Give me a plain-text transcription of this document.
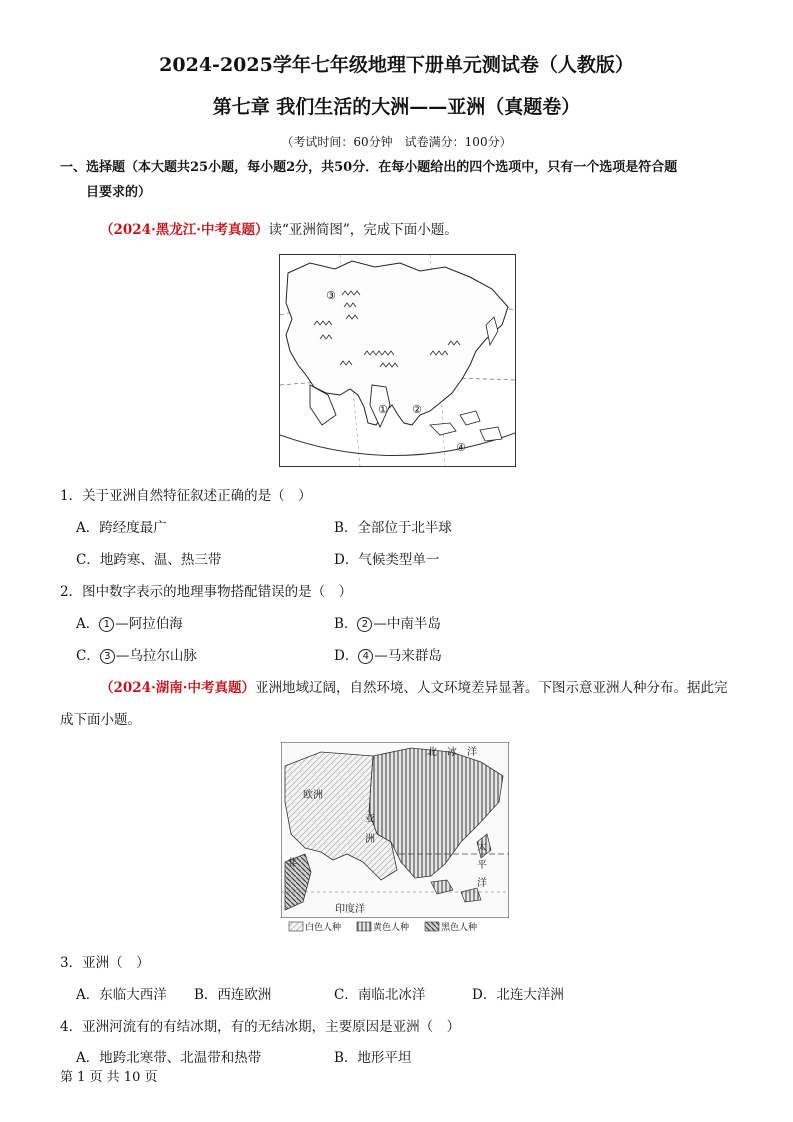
2024-2025学年七年级地理下册单元测试卷（人教版）
第七章 我们生活的大洲——亚洲（真题卷）
（考试时间：60分钟　试卷满分：100分）
一、选择题（本大题共25小题，每小题2分，共50分．在每小题给出的四个选项中，只有一个选项是符合题
目要求的）
（2024·黑龙江·中考真题）读“亚洲简图”，完成下面小题。
③
① ②
④
1．关于亚洲自然特征叙述正确的是（　）
A．跨经度最广	B．全部位于北半球
C．地跨寒、温、热三带	D．气候类型单一
2．图中数字表示的地理事物搭配错误的是（　）
A． 1 —阿拉伯海	B． 2 —中南半岛
C． 3 —乌拉尔山脉	D． 4 —马来群岛
（2024·湖南·中考真题）亚洲地域辽阔，自然环境、人文环境差异显著。下图示意亚洲人种分布。据此完
成下面小题。
北　冰　洋
欧洲
亚
洲
非
太
平
洋
印度洋
白色人种	黄色人种	黑色人种
3．亚洲（　）
A．东临大西洋 B．西连欧洲	C．南临北冰洋	D．北连大洋洲
4．亚洲河流有的有结冰期，有的无结冰期，主要原因是亚洲（　）
A．地跨北寒带、北温带和热带	B．地形平坦
第 1 页 共 10 页
